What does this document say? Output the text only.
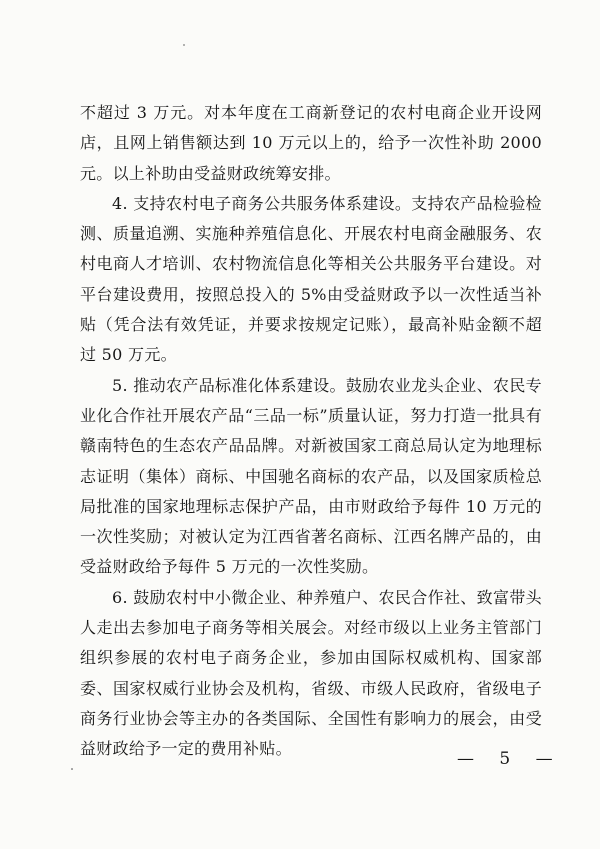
不超过 3 万元。对本年度在工商新登记的农村电商企业开设网店，且网上销售额达到 10 万元以上的，给予一次性补助 2000 元。以上补助由受益财政统筹安排。

4. 支持农村电子商务公共服务体系建设。支持农产品检验检测、质量追溯、实施种养殖信息化、开展农村电商金融服务、农村电商人才培训、农村物流信息化等相关公共服务平台建设。对平台建设费用，按照总投入的 5%由受益财政予以一次性适当补贴（凭合法有效凭证，并要求按规定记账），最高补贴金额不超过 50 万元。

5. 推动农产品标准化体系建设。鼓励农业龙头企业、农民专业化合作社开展农产品“三品一标”质量认证，努力打造一批具有赣南特色的生态农产品品牌。对新被国家工商总局认定为地理标志证明（集体）商标、中国驰名商标的农产品，以及国家质检总局批准的国家地理标志保护产品，由市财政给予每件 10 万元的一次性奖励；对被认定为江西省著名商标、江西名牌产品的，由受益财政给予每件 5 万元的一次性奖励。

6. 鼓励农村中小微企业、种养殖户、农民合作社、致富带头人走出去参加电子商务等相关展会。对经市级以上业务主管部门组织参展的农村电子商务企业，参加由国际权威机构、国家部委、国家权威行业协会及机构，省级、市级人民政府，省级电子商务行业协会等主办的各类国际、全国性有影响力的展会，由受益财政给予一定的费用补贴。

— 5 —
